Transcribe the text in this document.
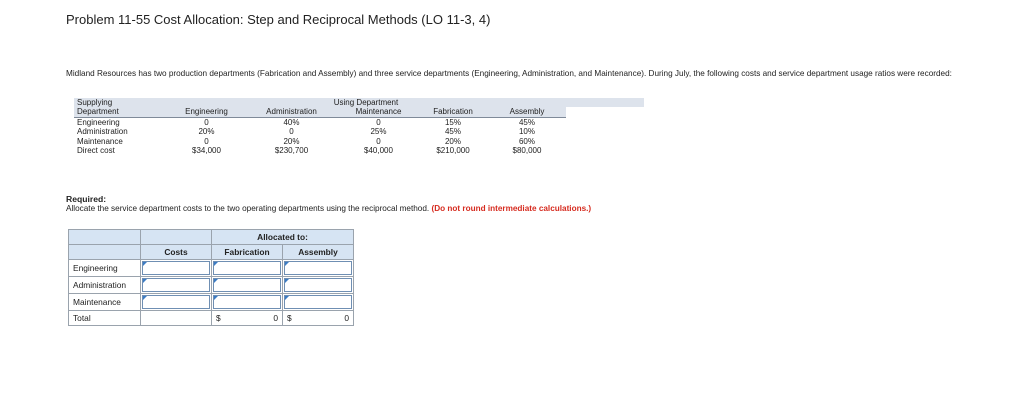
Problem 11-55 Cost Allocation: Step and Reciprocal Methods (LO 11-3, 4)
Midland Resources has two production departments (Fabrication and Assembly) and three service departments (Engineering, Administration, and Maintenance). During July, the following costs and service department usage ratios were recorded:
Supplying		Using Department				
Department	Engineering	Administration	Maintenance	Fabrication	Assembly	
Engineering	0	40%	0	15%	45%	
Administration	20%	0	25%	45%	10%	
Maintenance	0	20%	0	20%	60%	
Direct cost	$34,000	$230,700	$40,000	$210,000	$80,000	
Required:
Allocate the service department costs to the two operating departments using the reciprocal method. (Do not round intermediate calculations.)
		Allocated to:	
	Costs	Fabrication	Assembly

Engineering			

Administration			

Maintenance			

Total		$ 0	$ 0
